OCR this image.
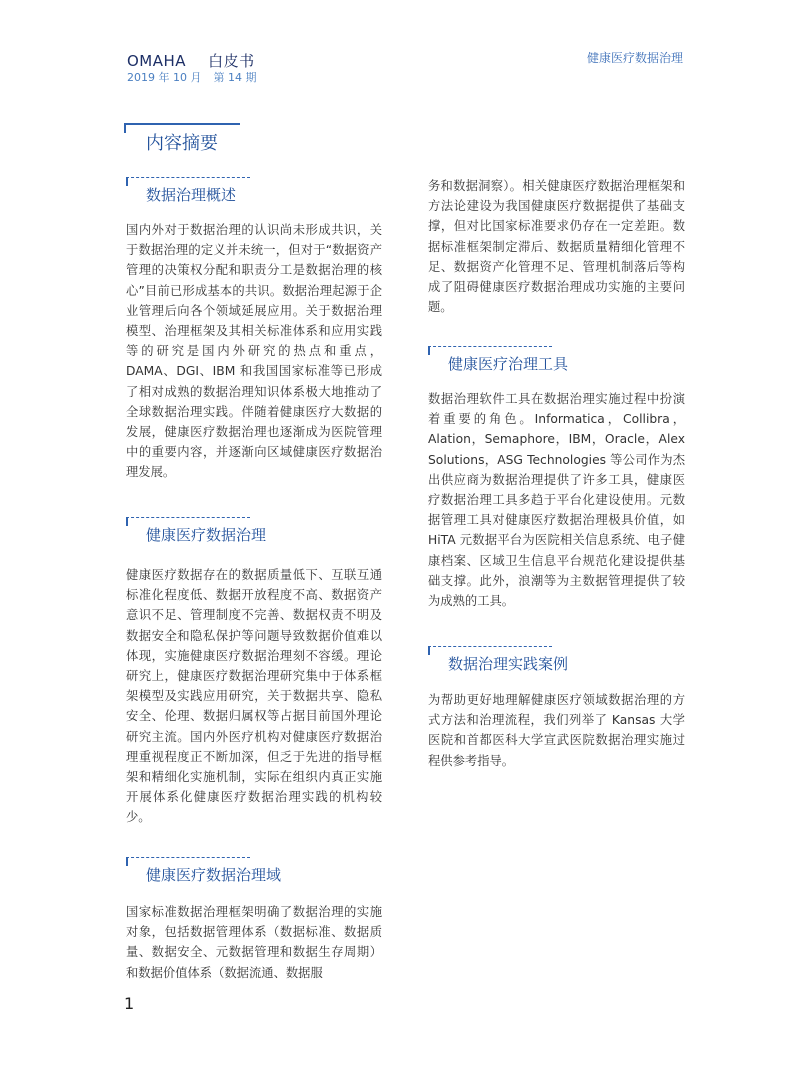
OMAHA 白皮书
2019 年 10 月 第 14 期
健康医疗数据治理
内容摘要
数据治理概述

国内外对于数据治理的认识尚未形成共识，关于数据治理的定义并未统一，但对于“数据资产管理的决策权分配和职责分工是数据治理的核心”目前已形成基本的共识。数据治理起源于企业管理后向各个领域延展应用。关于数据治理模型、治理框架及其相关标准体系和应用实践等的研究是国内外研究的热点和重点，DAMA、DGI、IBM 和我国国家标准等已形成了相对成熟的数据治理知识体系极大地推动了全球数据治理实践。伴随着健康医疗大数据的发展，健康医疗数据治理也逐渐成为医院管理中的重要内容，并逐渐向区域健康医疗数据治理发展。

健康医疗数据治理

健康医疗数据存在的数据质量低下、互联互通标准化程度低、数据开放程度不高、数据资产意识不足、管理制度不完善、数据权责不明及数据安全和隐私保护等问题导致数据价值难以体现，实施健康医疗数据治理刻不容缓。理论研究上，健康医疗数据治理研究集中于体系框架模型及实践应用研究，关于数据共享、隐私安全、伦理、数据归属权等占据目前国外理论研究主流。国内外医疗机构对健康医疗数据治理重视程度正不断加深，但乏于先进的指导框架和精细化实施机制，实际在组织内真正实施开展体系化健康医疗数据治理实践的机构较少。

健康医疗数据治理域

国家标准数据治理框架明确了数据治理的实施对象，包括数据管理体系（数据标准、数据质量、数据安全、元数据管理和数据生存周期）和数据价值体系（数据流通、数据服

务和数据洞察）。相关健康医疗数据治理框架和方法论建设为我国健康医疗数据提供了基础支撑，但对比国家标准要求仍存在一定差距。数据标准框架制定滞后、数据质量精细化管理不足、数据资产化管理不足、管理机制落后等构成了阻碍健康医疗数据治理成功实施的主要问题。

健康医疗治理工具

数据治理软件工具在数据治理实施过程中扮演着重要的角色。Informatica，Collibra，Alation，Semaphore，IBM，Oracle，Alex Solutions，ASG Technologies 等公司作为杰出供应商为数据治理提供了许多工具，健康医疗数据治理工具多趋于平台化建设使用。元数据管理工具对健康医疗数据治理极具价值，如 HiTA 元数据平台为医院相关信息系统、电子健康档案、区域卫生信息平台规范化建设提供基础支撑。此外，浪潮等为主数据管理提供了较为成熟的工具。

数据治理实践案例

为帮助更好地理解健康医疗领域数据治理的方式方法和治理流程，我们列举了 Kansas 大学医院和首都医科大学宣武医院数据治理实施过程供参考指导。

1
